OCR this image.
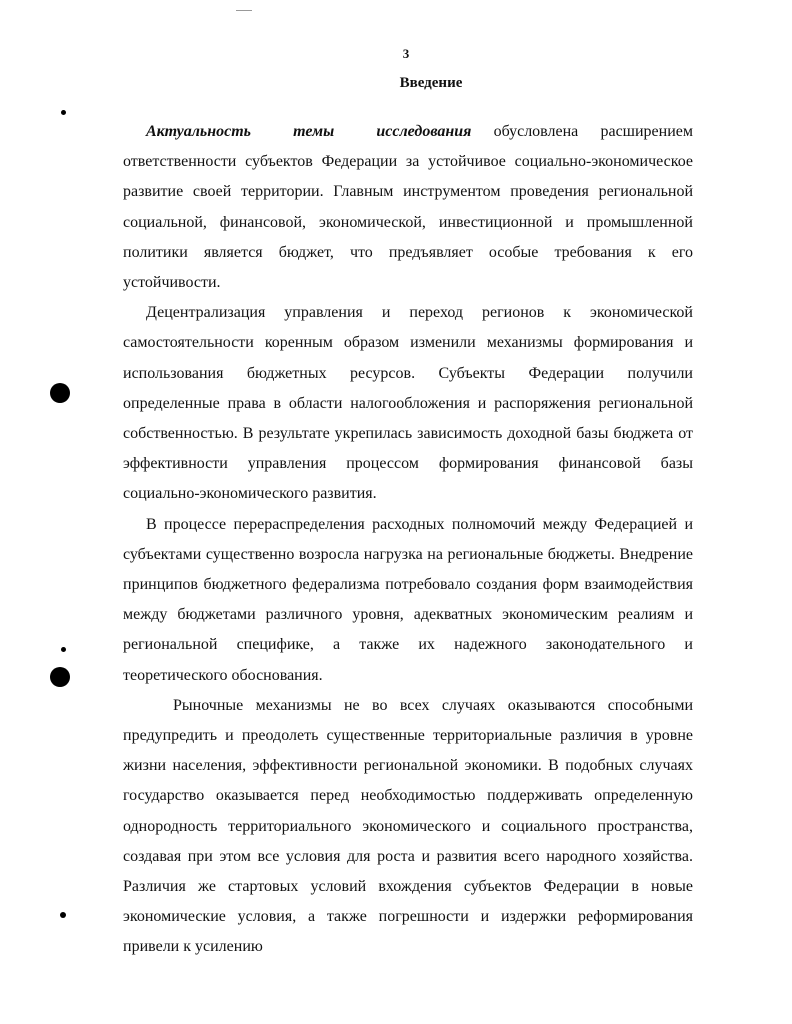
3
Введение

Актуальность темы исследования обусловлена расширением ответственности субъектов Федерации за устойчивое социально-экономическое развитие своей территории. Главным инструментом проведения региональной социальной, финансовой, экономической, инвестиционной и промышленной политики является бюджет, что предъявляет особые требования к его устойчивости.

Децентрализация управления и переход регионов к экономической самостоятельности коренным образом изменили механизмы формирования и использования бюджетных ресурсов. Субъекты Федерации получили определенные права в области налогообложения и распоряжения региональной собственностью. В результате укрепилась зависимость доходной базы бюджета от эффективности управления процессом формирования финансовой базы социально-экономического развития.

В процессе перераспределения расходных полномочий между Федерацией и субъектами существенно возросла нагрузка на региональные бюджеты. Внедрение принципов бюджетного федерализма потребовало создания форм взаимодействия между бюджетами различного уровня, адекватных экономическим реалиям и региональной специфике, а также их надежного законодательного и теоретического обоснования.

Рыночные механизмы не во всех случаях оказываются способными предупредить и преодолеть существенные территориальные различия в уровне жизни населения, эффективности региональной экономики. В подобных случаях государство оказывается перед необходимостью поддерживать определенную однородность территориального экономического и социального пространства, создавая при этом все условия для роста и развития всего народного хозяйства. Различия же стартовых условий вхождения субъектов Федерации в новые экономические условия, а также погрешности и издержки реформирования привели к усилению
